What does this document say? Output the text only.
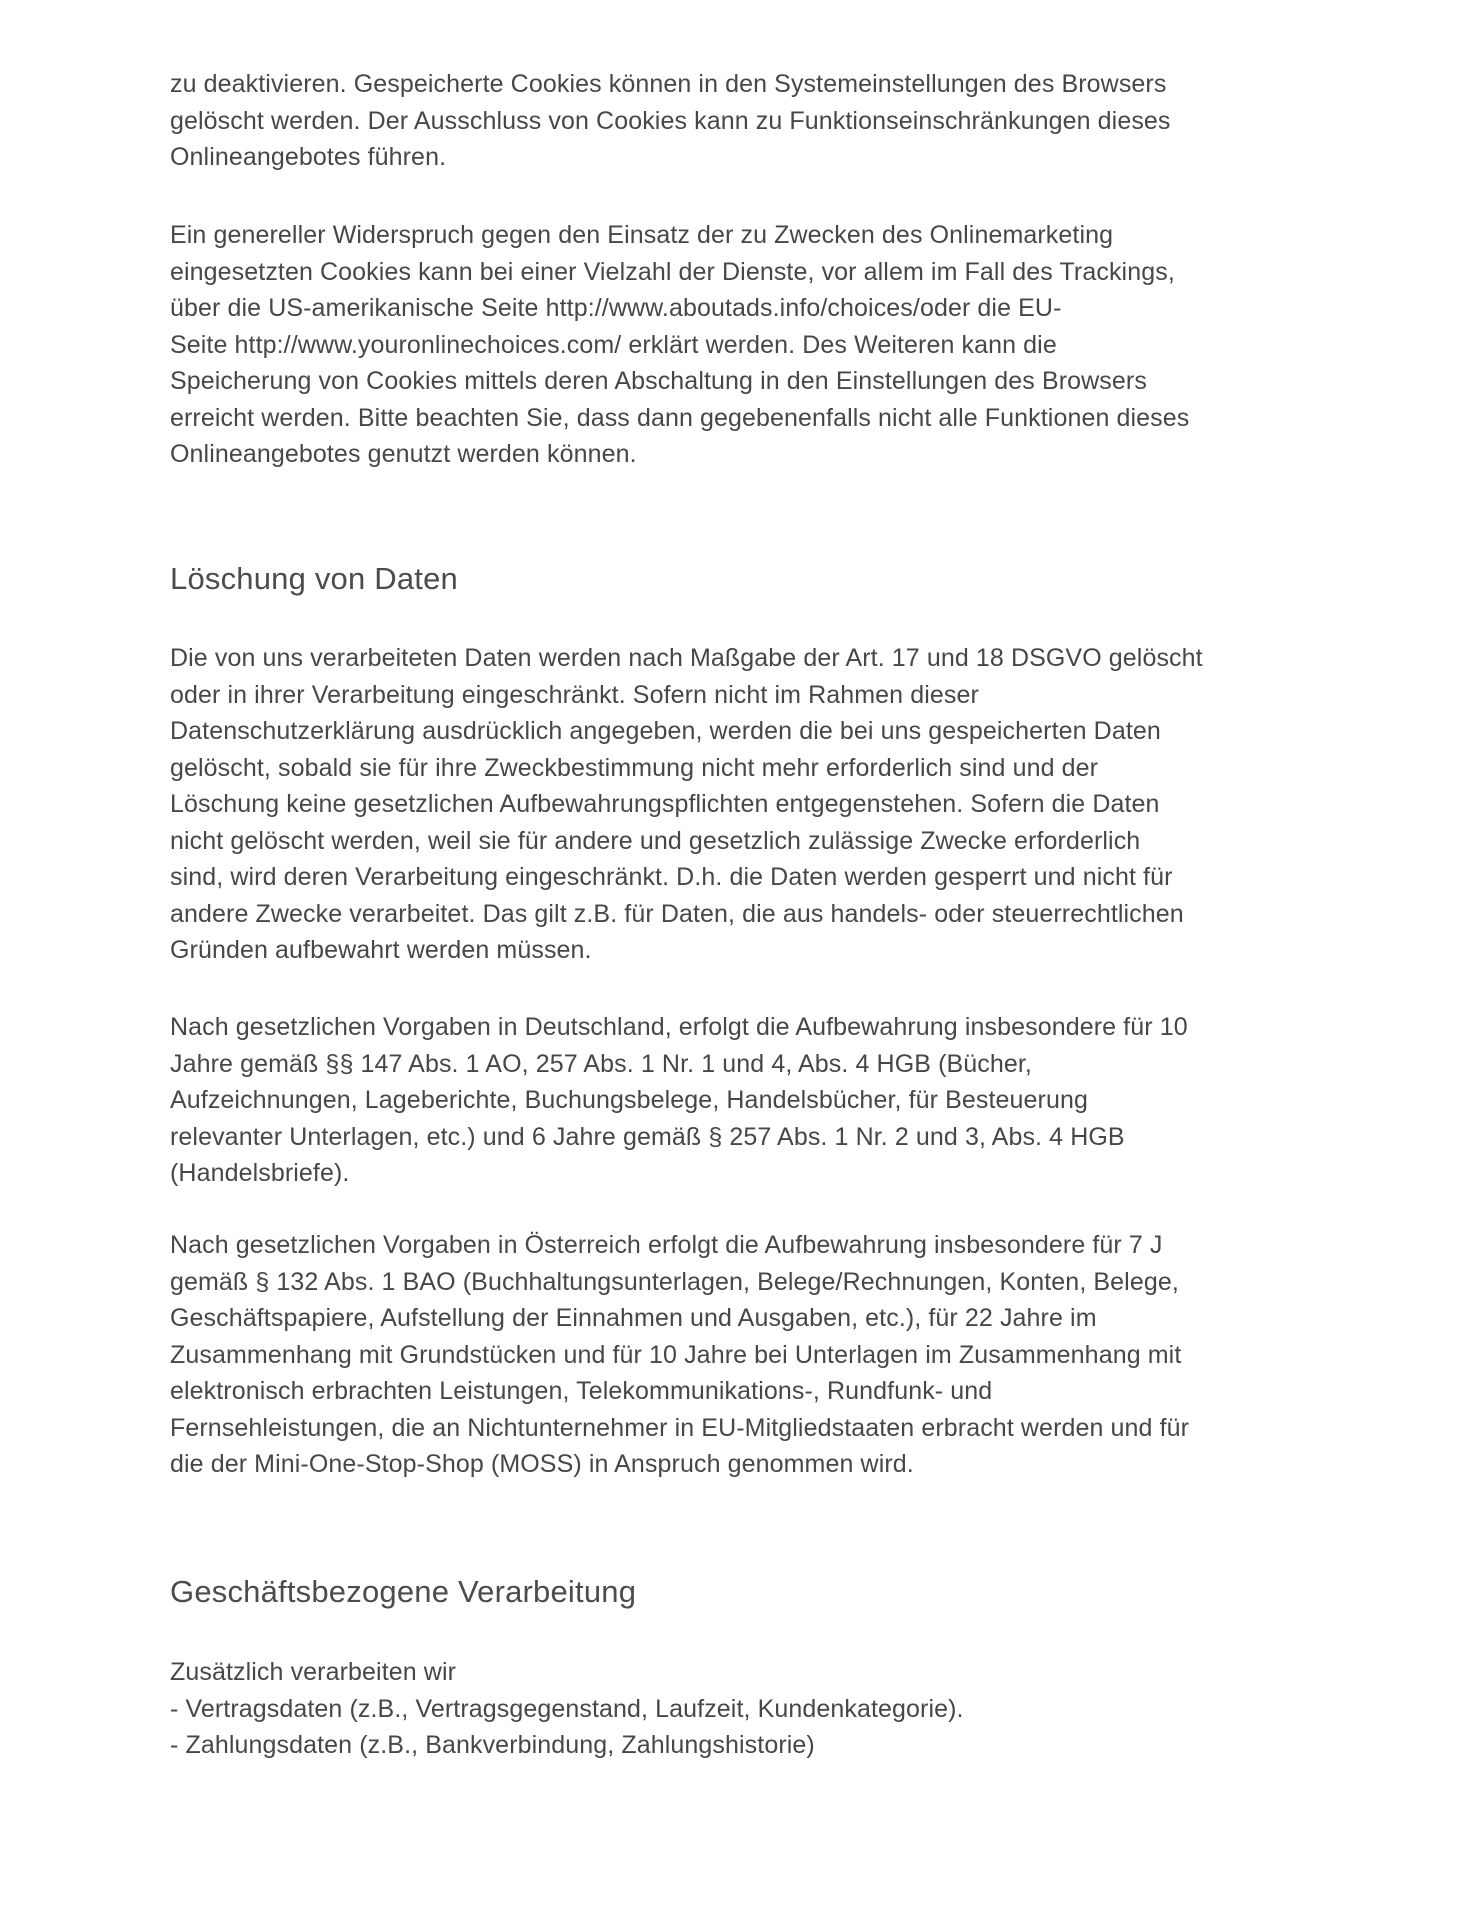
zu deaktivieren. Gespeicherte Cookies können in den Systemeinstellungen des Browsers
gelöscht werden. Der Ausschluss von Cookies kann zu Funktionseinschränkungen dieses
Onlineangebotes führen.
Ein genereller Widerspruch gegen den Einsatz der zu Zwecken des Onlinemarketing
eingesetzten Cookies kann bei einer Vielzahl der Dienste, vor allem im Fall des Trackings,
über die US-amerikanische Seite http://www.aboutads.info/choices/oder die EU-
Seite http://www.youronlinechoices.com/ erklärt werden. Des Weiteren kann die
Speicherung von Cookies mittels deren Abschaltung in den Einstellungen des Browsers
erreicht werden. Bitte beachten Sie, dass dann gegebenenfalls nicht alle Funktionen dieses
Onlineangebotes genutzt werden können.
Löschung von Daten
Die von uns verarbeiteten Daten werden nach Maßgabe der Art. 17 und 18 DSGVO gelöscht
oder in ihrer Verarbeitung eingeschränkt. Sofern nicht im Rahmen dieser
Datenschutzerklärung ausdrücklich angegeben, werden die bei uns gespeicherten Daten
gelöscht, sobald sie für ihre Zweckbestimmung nicht mehr erforderlich sind und der
Löschung keine gesetzlichen Aufbewahrungspflichten entgegenstehen. Sofern die Daten
nicht gelöscht werden, weil sie für andere und gesetzlich zulässige Zwecke erforderlich
sind, wird deren Verarbeitung eingeschränkt. D.h. die Daten werden gesperrt und nicht für
andere Zwecke verarbeitet. Das gilt z.B. für Daten, die aus handels- oder steuerrechtlichen
Gründen aufbewahrt werden müssen.
Nach gesetzlichen Vorgaben in Deutschland, erfolgt die Aufbewahrung insbesondere für 10
Jahre gemäß §§ 147 Abs. 1 AO, 257 Abs. 1 Nr. 1 und 4, Abs. 4 HGB (Bücher,
Aufzeichnungen, Lageberichte, Buchungsbelege, Handelsbücher, für Besteuerung
relevanter Unterlagen, etc.) und 6 Jahre gemäß § 257 Abs. 1 Nr. 2 und 3, Abs. 4 HGB
(Handelsbriefe).
Nach gesetzlichen Vorgaben in Österreich erfolgt die Aufbewahrung insbesondere für 7 J
gemäß § 132 Abs. 1 BAO (Buchhaltungsunterlagen, Belege/Rechnungen, Konten, Belege,
Geschäftspapiere, Aufstellung der Einnahmen und Ausgaben, etc.), für 22 Jahre im
Zusammenhang mit Grundstücken und für 10 Jahre bei Unterlagen im Zusammenhang mit
elektronisch erbrachten Leistungen, Telekommunikations-, Rundfunk- und
Fernsehleistungen, die an Nichtunternehmer in EU-Mitgliedstaaten erbracht werden und für
die der Mini-One-Stop-Shop (MOSS) in Anspruch genommen wird.
Geschäftsbezogene Verarbeitung
Zusätzlich verarbeiten wir
- Vertragsdaten (z.B., Vertragsgegenstand, Laufzeit, Kundenkategorie).
- Zahlungsdaten (z.B., Bankverbindung, Zahlungshistorie)
